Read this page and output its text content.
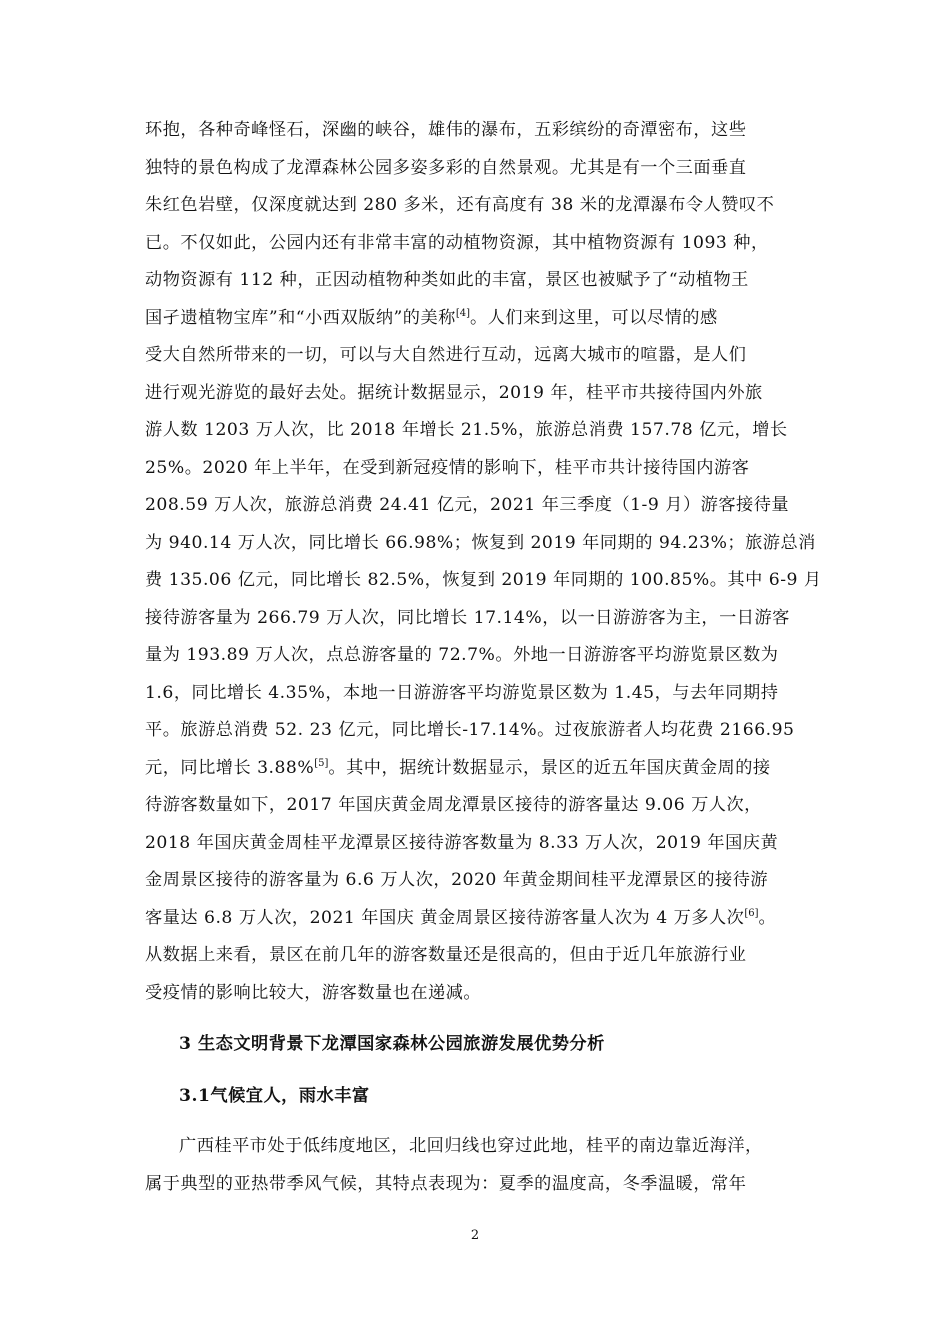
环抱，各种奇峰怪石，深幽的峡谷，雄伟的瀑布，五彩缤纷的奇潭密布，这些
独特的景色构成了龙潭森林公园多姿多彩的自然景观。尤其是有一个三面垂直
朱红色岩壁，仅深度就达到 280 多米，还有高度有 38 米的龙潭瀑布令人赞叹不
已。不仅如此，公园内还有非常丰富的动植物资源，其中植物资源有 1093 种，
动物资源有 112 种，正因动植物种类如此的丰富，景区也被赋予了“动植物王
国孑遗植物宝库”和“小西双版纳”的美称[4]。人们来到这里，可以尽情的感
受大自然所带来的一切，可以与大自然进行互动，远离大城市的喧嚣，是人们
进行观光游览的最好去处。据统计数据显示，2019 年，桂平市共接待国内外旅
游人数 1203 万人次，比 2018 年增长 21.5%，旅游总消费 157.78 亿元，增长
25%。2020 年上半年，在受到新冠疫情的影响下，桂平市共计接待国内游客
208.59 万人次，旅游总消费 24.41 亿元，2021 年三季度（1-9 月）游客接待量
为 940.14 万人次，同比增长 66.98%；恢复到 2019 年同期的 94.23%；旅游总消
费 135.06 亿元，同比增长 82.5%，恢复到 2019 年同期的 100.85%。其中 6-9 月
接待游客量为 266.79 万人次，同比增长 17.14%，以一日游游客为主，一日游客
量为 193.89 万人次，点总游客量的 72.7%。外地一日游游客平均游览景区数为
1.6，同比增长 4.35%，本地一日游游客平均游览景区数为 1.45，与去年同期持
平。旅游总消费 52. 23 亿元，同比增长-17.14%。过夜旅游者人均花费 2166.95
元，同比增长 3.88%[5]。其中，据统计数据显示，景区的近五年国庆黄金周的接
待游客数量如下，2017 年国庆黄金周龙潭景区接待的游客量达 9.06 万人次，
2018 年国庆黄金周桂平龙潭景区接待游客数量为 8.33 万人次，2019 年国庆黄
金周景区接待的游客量为 6.6 万人次，2020 年黄金期间桂平龙潭景区的接待游
客量达 6.8 万人次，2021 年国庆 黄金周景区接待游客量人次为 4 万多人次[6]。
从数据上来看，景区在前几年的游客数量还是很高的，但由于近几年旅游行业
受疫情的影响比较大，游客数量也在递减。

3 生态文明背景下龙潭国家森林公园旅游发展优势分析
3.1气候宜人，雨水丰富

广西桂平市处于低纬度地区，北回归线也穿过此地，桂平的南边靠近海洋，
属于典型的亚热带季风气候，其特点表现为：夏季的温度高，冬季温暖，常年

2
